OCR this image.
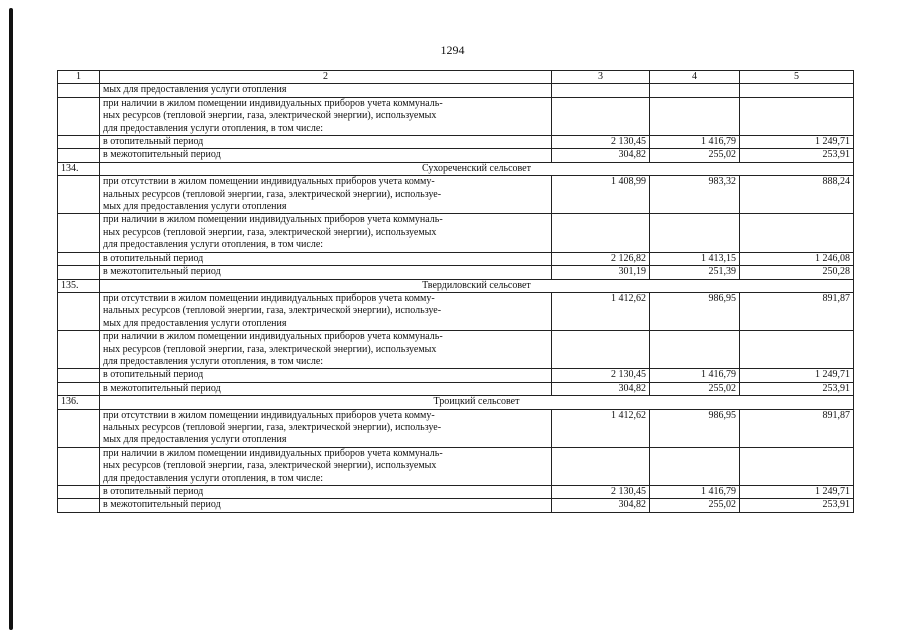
1294
1	2	3	4	5

	мых для предоставления услуги отопления			

	при наличии в жилом помещении индивидуальных приборов учета коммуналь-
ных ресурсов (тепловой энергии, газа, электрической энергии), используемых
для предоставления услуги отопления, в том числе:			

	в отопительный период	2 130,45	1 416,79	1 249,71

	в межотопительный период	304,82	255,02	253,91
134.	Сухореченский сельсовет			

	при отсутствии в жилом помещении индивидуальных приборов учета комму-
нальных ресурсов (тепловой энергии, газа, электрической энергии), используе-
мых для предоставления услуги отопления	1 408,99	983,32	888,24

	при наличии в жилом помещении индивидуальных приборов учета коммуналь-
ных ресурсов (тепловой энергии, газа, электрической энергии), используемых
для предоставления услуги отопления, в том числе:			

	в отопительный период	2 126,82	1 413,15	1 246,08

	в межотопительный период	301,19	251,39	250,28
135.	Твердиловский сельсовет			

	при отсутствии в жилом помещении индивидуальных приборов учета комму-
нальных ресурсов (тепловой энергии, газа, электрической энергии), используе-
мых для предоставления услуги отопления	1 412,62	986,95	891,87

	при наличии в жилом помещении индивидуальных приборов учета коммуналь-
ных ресурсов (тепловой энергии, газа, электрической энергии), используемых
для предоставления услуги отопления, в том числе:			

	в отопительный период	2 130,45	1 416,79	1 249,71

	в межотопительный период	304,82	255,02	253,91
136.	Троицкий сельсовет			

	при отсутствии в жилом помещении индивидуальных приборов учета комму-
нальных ресурсов (тепловой энергии, газа, электрической энергии), используе-
мых для предоставления услуги отопления	1 412,62	986,95	891,87

	при наличии в жилом помещении индивидуальных приборов учета коммуналь-
ных ресурсов (тепловой энергии, газа, электрической энергии), используемых
для предоставления услуги отопления, в том числе:			

	в отопительный период	2 130,45	1 416,79	1 249,71

	в межотопительный период	304,82	255,02	253,91
